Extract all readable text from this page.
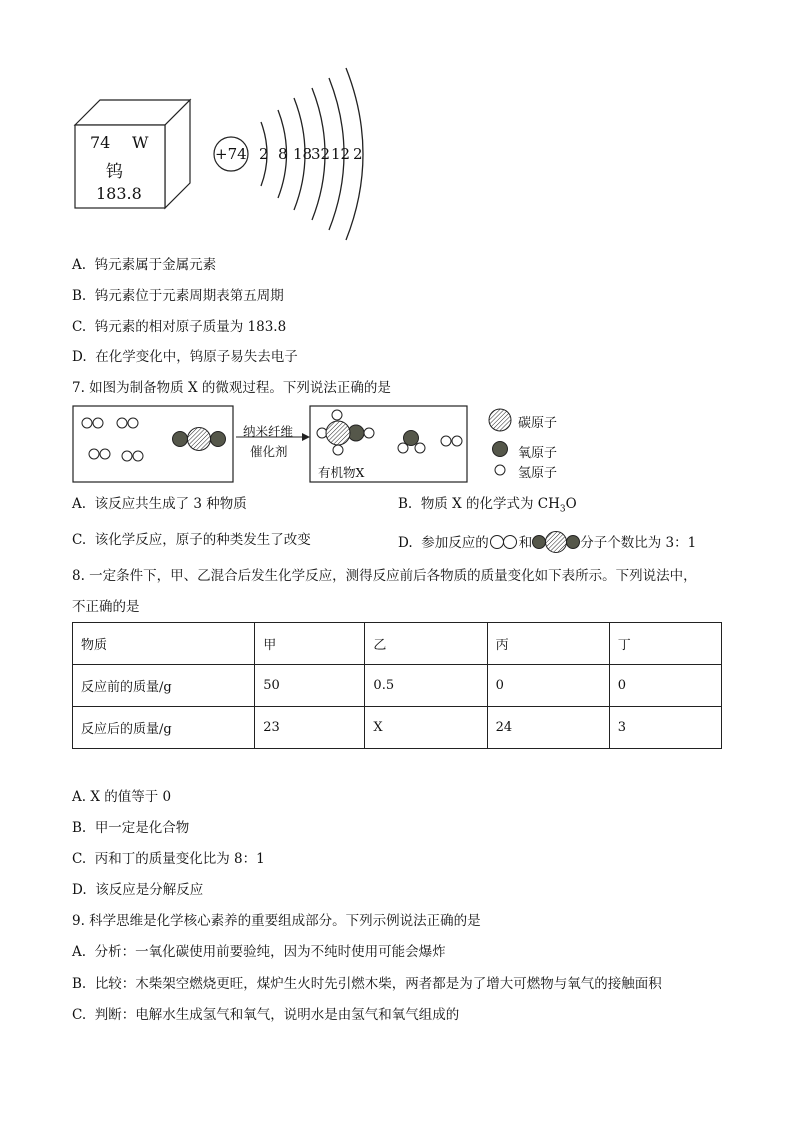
74 W
钨
183.8
+74 2 8 18
32 12 2
A. 钨元素属于金属元素
B. 钨元素位于元素周期表第五周期
C. 钨元素的相对原子质量为 183.8
D. 在化学变化中，钨原子易失去电子
7. 如图为制备物质 X 的微观过程。下列说法正确的是
纳米纤维
催化剂
有机物X
碳原子
氧原子
氢原子
A. 该反应共生成了 3 种物质	B. 物质 X 的化学式为 $CH_3O$
C. 该化学反应，原子的种类发生了改变	D. 参加反应的 和	分子个数比为 3：1
8. 一定条件下，甲、乙混合后发生化学反应，测得反应前后各物质的质量变化如下表所示。下列说法中，
不正确的是
物质	甲	乙	丙	丁
反应前的质量/g	50	0.5	0	0
反应后的质量/g	23	X	24	3
A. X 的值等于 0
B. 甲一定是化合物
C. 丙和丁的质量变化比为 8：1
D. 该反应是分解反应
9. 科学思维是化学核心素养的重要组成部分。下列示例说法正确的是
A. 分析：一氧化碳使用前要验纯，因为不纯时使用可能会爆炸
B. 比较：木柴架空燃烧更旺，煤炉生火时先引燃木柴，两者都是为了增大可燃物与氧气的接触面积
C. 判断：电解水生成氢气和氧气，说明水是由氢气和氧气组成的
